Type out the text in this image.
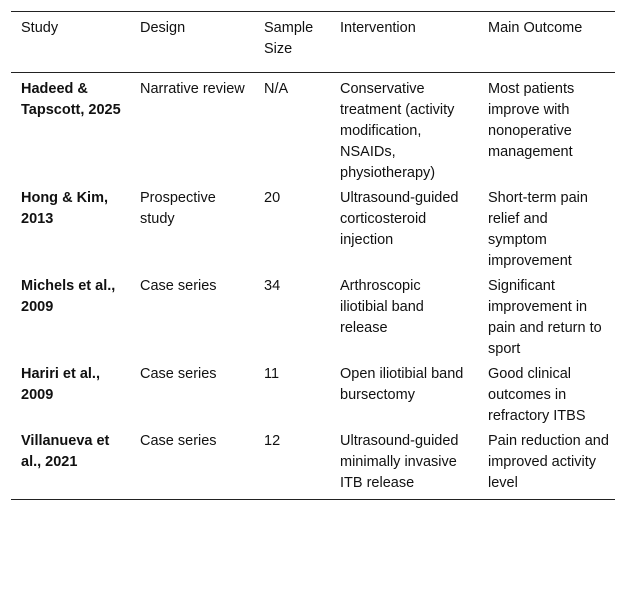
Study	Design	Sample Size	Intervention	Main Outcome
Hadeed & Tapscott, 2025	Narrative review	N/A	Conservative treatment (activity modification, NSAIDs, physiotherapy)	Most patients improve with nonoperative management
Hong & Kim, 2013	Prospective study	20	Ultrasound-guided corticosteroid injection	Short-term pain relief and symptom improvement
Michels et al., 2009	Case series	34	Arthroscopic iliotibial band release	Significant improvement in pain and return to sport
Hariri et al., 2009	Case series	11	Open iliotibial band bursectomy	Good clinical outcomes in refractory ITBS
Villanueva et al., 2021	Case series	12	Ultrasound-guided minimally invasive ITB release	Pain reduction and improved activity level
